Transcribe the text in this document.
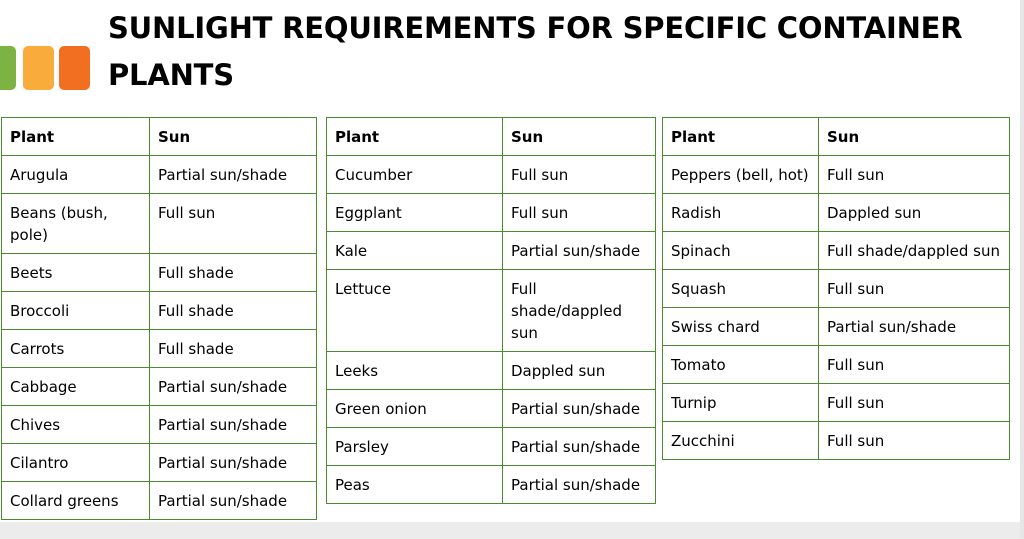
SUNLIGHT REQUIREMENTS FOR SPECIFIC CONTAINER PLANTS
Plant	Sun
Arugula	Partial sun/shade
Beans (bush, pole)	Full sun
Beets	Full shade
Broccoli	Full shade
Carrots	Full shade
Cabbage	Partial sun/shade
Chives	Partial sun/shade
Cilantro	Partial sun/shade
Collard greens	Partial sun/shade
Plant	Sun
Cucumber	Full sun
Eggplant	Full sun
Kale	Partial sun/shade
Lettuce	Full shade/dappled sun
Leeks	Dappled sun
Green onion	Partial sun/shade
Parsley	Partial sun/shade
Peas	Partial sun/shade
Plant	Sun
Peppers (bell, hot)	Full sun
Radish	Dappled sun
Spinach	Full shade/dappled sun
Squash	Full sun
Swiss chard	Partial sun/shade
Tomato	Full sun
Turnip	Full sun
Zucchini	Full sun
